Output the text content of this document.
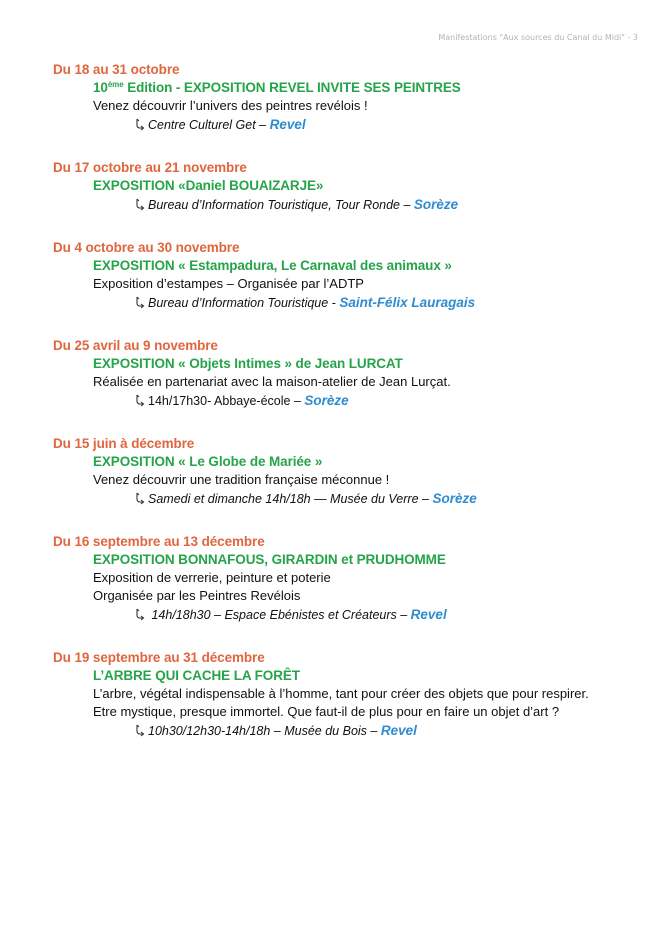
Manifestations "Aux sources du Canal du Midi" - 3
Du 18 au 31 octobre
10ème Edition - EXPOSITION REVEL INVITE SES PEINTRES
Venez découvrir l’univers des peintres revélois !
Centre Culturel Get – Revel
Du 17 octobre au 21 novembre
EXPOSITION «Daniel BOUAIZARJE»
Bureau d’Information Touristique, Tour Ronde – Sorèze
Du 4 octobre au 30 novembre
EXPOSITION « Estampadura, Le Carnaval des animaux »
Exposition d’estampes – Organisée par l’ADTP
Bureau d’Information Touristique - Saint-Félix Lauragais
Du 25 avril au 9 novembre
EXPOSITION « Objets Intimes » de Jean LURCAT
Réalisée en partenariat avec la maison-atelier de Jean Lurçat.
14h/17h30- Abbaye-école – Sorèze
Du 15 juin à décembre
EXPOSITION « Le Globe de Mariée »
Venez découvrir une tradition française méconnue !
Samedi et dimanche 14h/18h — Musée du Verre – Sorèze
Du 16 septembre au 13 décembre
EXPOSITION BONNAFOUS, GIRARDIN et PRUDHOMME
Exposition de verrerie, peinture et poterie
Organisée par les Peintres Revélois
14h/18h30 – Espace Ebénistes et Créateurs – Revel
Du 19 septembre au 31 décembre
L’ARBRE QUI CACHE LA FORÊT
L’arbre, végétal indispensable à l’homme, tant pour créer des objets que pour respirer. Etre mystique, presque immortel. Que faut-il de plus pour en faire un objet d’art ?
10h30/12h30-14h/18h – Musée du Bois – Revel
